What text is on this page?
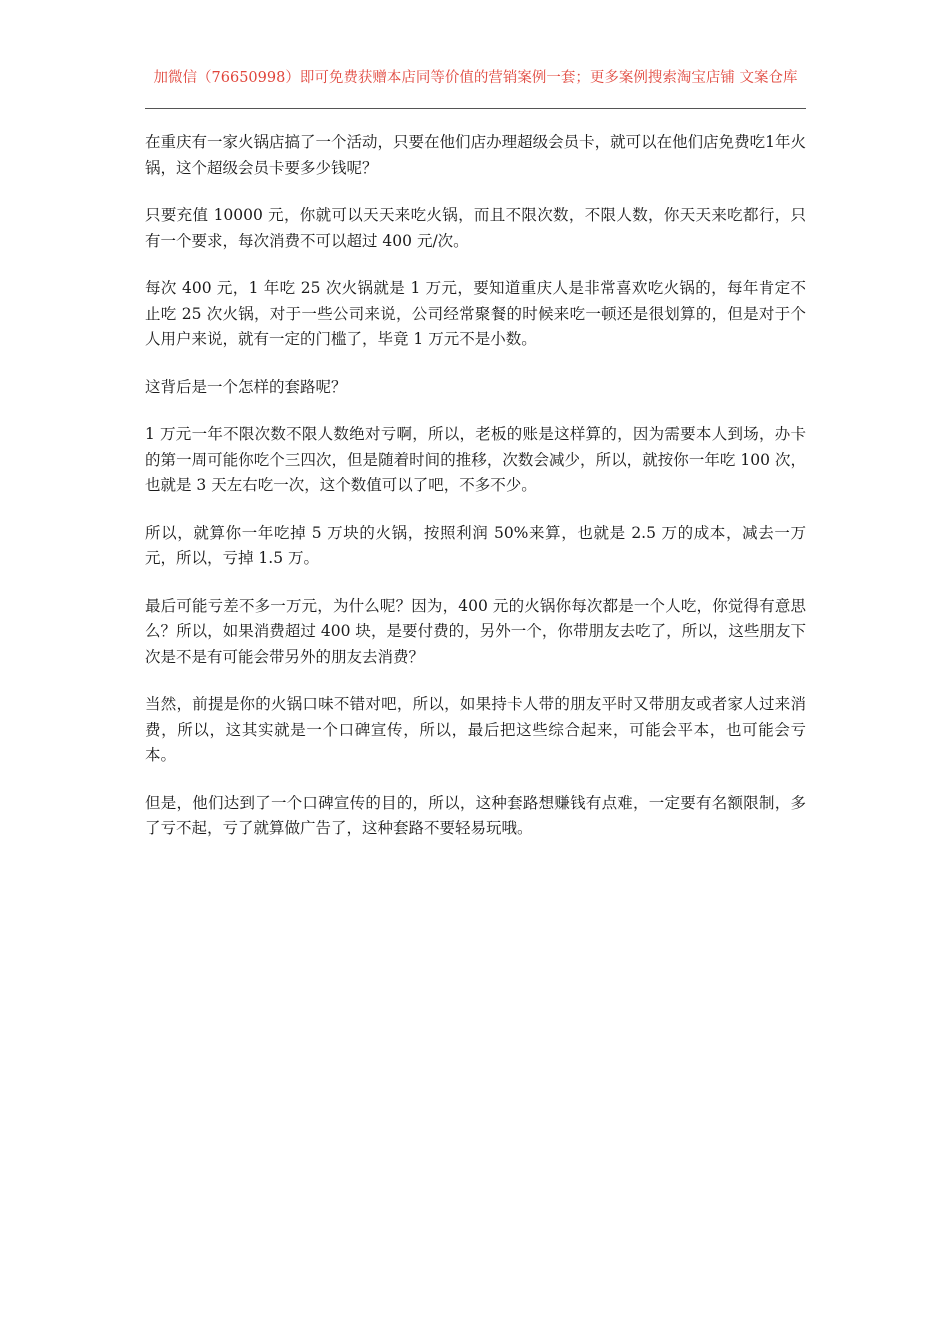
加微信（76650998）即可免费获赠本店同等价值的营销案例一套；更多案例搜索淘宝店铺 文案仓库

在重庆有一家火锅店搞了一个活动，只要在他们店办理超级会员卡，就可以在他们店免费吃1年火锅，这个超级会员卡要多少钱呢？

只要充值 10000 元，你就可以天天来吃火锅，而且不限次数，不限人数，你天天来吃都行，只有一个要求，每次消费不可以超过 400 元/次。

每次 400 元，1 年吃 25 次火锅就是 1 万元，要知道重庆人是非常喜欢吃火锅的，每年肯定不止吃 25 次火锅，对于一些公司来说，公司经常聚餐的时候来吃一顿还是很划算的，但是对于个人用户来说，就有一定的门槛了，毕竟 1 万元不是小数。

这背后是一个怎样的套路呢？

1 万元一年不限次数不限人数绝对亏啊，所以，老板的账是这样算的，因为需要本人到场，办卡的第一周可能你吃个三四次，但是随着时间的推移，次数会减少，所以，就按你一年吃 100 次，也就是 3 天左右吃一次，这个数值可以了吧，不多不少。

所以，就算你一年吃掉 5 万块的火锅，按照利润 50%来算，也就是 2.5 万的成本，减去一万元，所以，亏掉 1.5 万。

最后可能亏差不多一万元，为什么呢？因为，400 元的火锅你每次都是一个人吃，你觉得有意思么？所以，如果消费超过 400 块，是要付费的，另外一个，你带朋友去吃了，所以，这些朋友下次是不是有可能会带另外的朋友去消费？

当然，前提是你的火锅口味不错对吧，所以，如果持卡人带的朋友平时又带朋友或者家人过来消费，所以，这其实就是一个口碑宣传，所以，最后把这些综合起来，可能会平本，也可能会亏本。

但是，他们达到了一个口碑宣传的目的，所以，这种套路想赚钱有点难，一定要有名额限制，多了亏不起，亏了就算做广告了，这种套路不要轻易玩哦。
